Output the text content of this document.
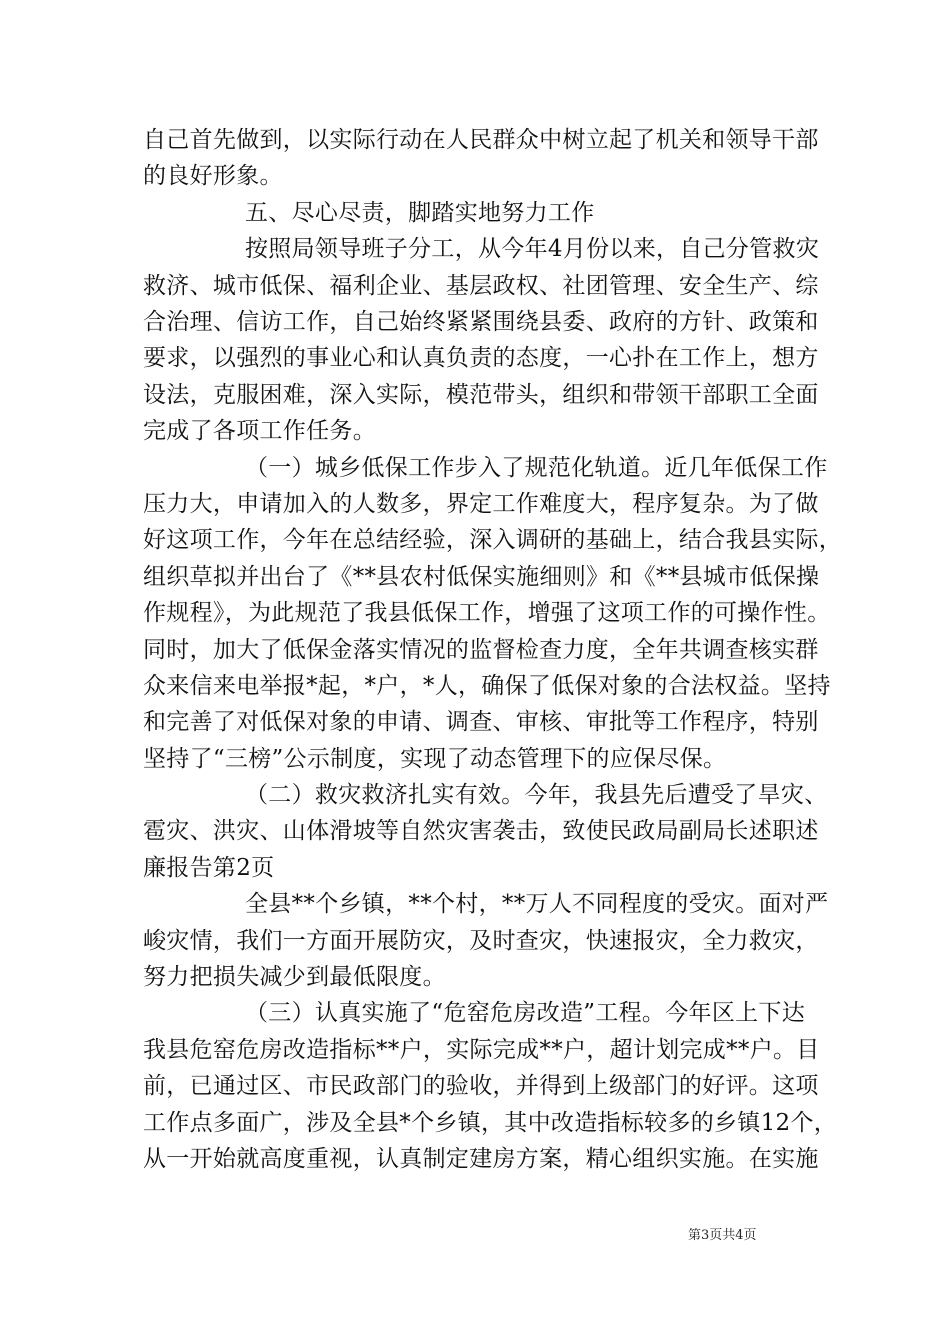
自己首先做到，以实际行动在人民群众中树立起了机关和领导干部
的良好形象。
五、尽心尽责，脚踏实地努力工作
按照局领导班子分工，从今年4月份以来，自己分管救灾
救济、城市低保、福利企业、基层政权、社团管理、安全生产、综
合治理、信访工作，自己始终紧紧围绕县委、政府的方针、政策和
要求，以强烈的事业心和认真负责的态度，一心扑在工作上，想方
设法，克服困难，深入实际，模范带头，组织和带领干部职工全面
完成了各项工作任务。
（一）城乡低保工作步入了规范化轨道。近几年低保工作
压力大，申请加入的人数多，界定工作难度大，程序复杂。为了做
好这项工作，今年在总结经验，深入调研的基础上，结合我县实际，
组织草拟并出台了《**县农村低保实施细则》和《**县城市低保操
作规程》，为此规范了我县低保工作，增强了这项工作的可操作性。
同时，加大了低保金落实情况的监督检查力度，全年共调查核实群
众来信来电举报*起，*户，*人，确保了低保对象的合法权益。坚持
和完善了对低保对象的申请、调查、审核、审批等工作程序，特别
坚持了“三榜”公示制度，实现了动态管理下的应保尽保。
（二）救灾救济扎实有效。今年，我县先后遭受了旱灾、
雹灾、洪灾、山体滑坡等自然灾害袭击，致使民政局副局长述职述
廉报告第2页
全县**个乡镇，**个村，**万人不同程度的受灾。面对严
峻灾情，我们一方面开展防灾，及时查灾，快速报灾，全力救灾，
努力把损失减少到最低限度。
（三）认真实施了“危窑危房改造”工程。今年区上下达
我县危窑危房改造指标**户，实际完成**户，超计划完成**户。目
前，已通过区、市民政部门的验收，并得到上级部门的好评。这项
工作点多面广，涉及全县*个乡镇，其中改造指标较多的乡镇12个，
从一开始就高度重视，认真制定建房方案，精心组织实施。在实施
第3页共4页
